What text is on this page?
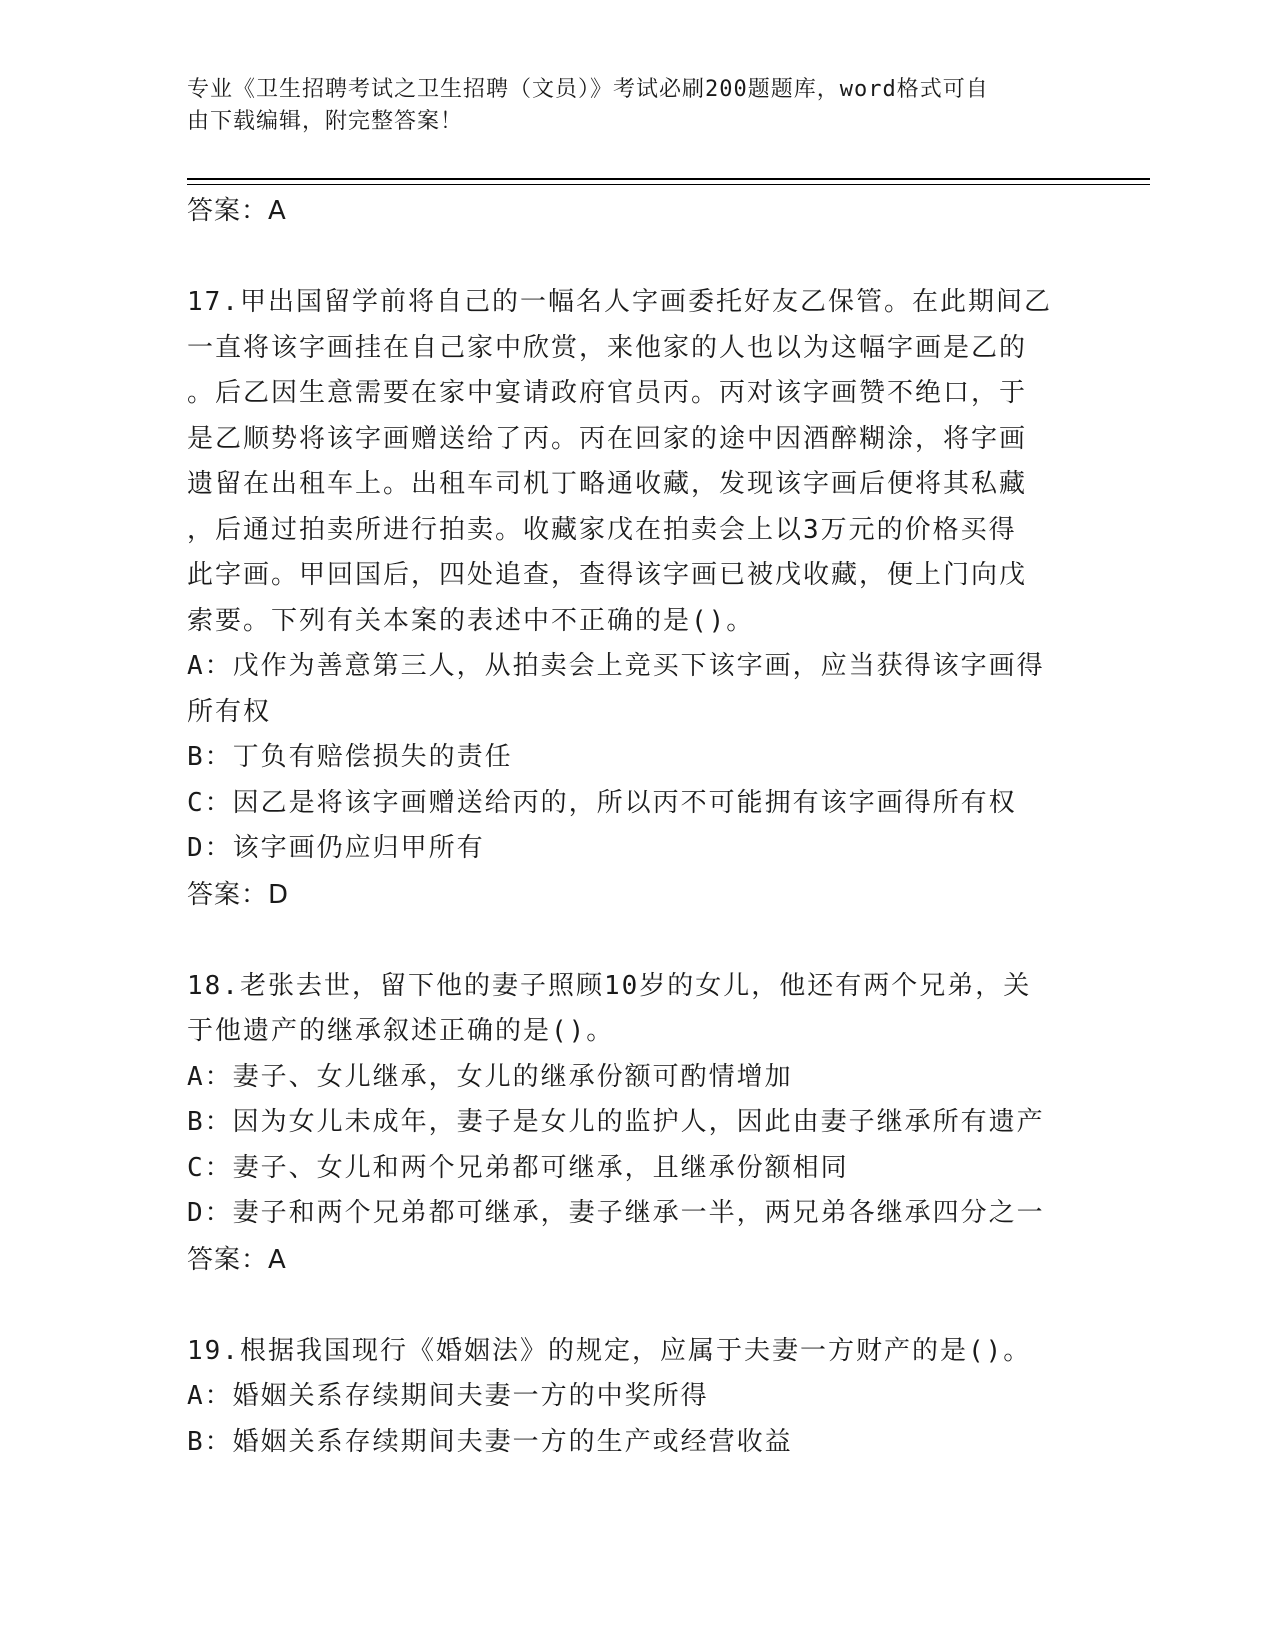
专业《卫生招聘考试之卫生招聘（文员）》考试必刷200题题库，word格式可自
由下载编辑，附完整答案！

答案：A

17.甲出国留学前将自己的一幅名人字画委托好友乙保管。在此期间乙

一直将该字画挂在自己家中欣赏，来他家的人也以为这幅字画是乙的

。后乙因生意需要在家中宴请政府官员丙。丙对该字画赞不绝口，于

是乙顺势将该字画赠送给了丙。丙在回家的途中因酒醉糊涂，将字画

遗留在出租车上。出租车司机丁略通收藏，发现该字画后便将其私藏

，后通过拍卖所进行拍卖。收藏家戊在拍卖会上以3万元的价格买得

此字画。甲回国后，四处追查，查得该字画已被戊收藏，便上门向戊

索要。下列有关本案的表述中不正确的是()。

A：戊作为善意第三人，从拍卖会上竞买下该字画，应当获得该字画得

所有权

B：丁负有赔偿损失的责任

C：因乙是将该字画赠送给丙的，所以丙不可能拥有该字画得所有权

D：该字画仍应归甲所有

答案：D

18.老张去世，留下他的妻子照顾10岁的女儿，他还有两个兄弟，关

于他遗产的继承叙述正确的是()。

A：妻子、女儿继承，女儿的继承份额可酌情增加

B：因为女儿未成年，妻子是女儿的监护人，因此由妻子继承所有遗产

C：妻子、女儿和两个兄弟都可继承，且继承份额相同

D：妻子和两个兄弟都可继承，妻子继承一半，两兄弟各继承四分之一

答案：A

19.根据我国现行《婚姻法》的规定，应属于夫妻一方财产的是()。

A：婚姻关系存续期间夫妻一方的中奖所得

B：婚姻关系存续期间夫妻一方的生产或经营收益
